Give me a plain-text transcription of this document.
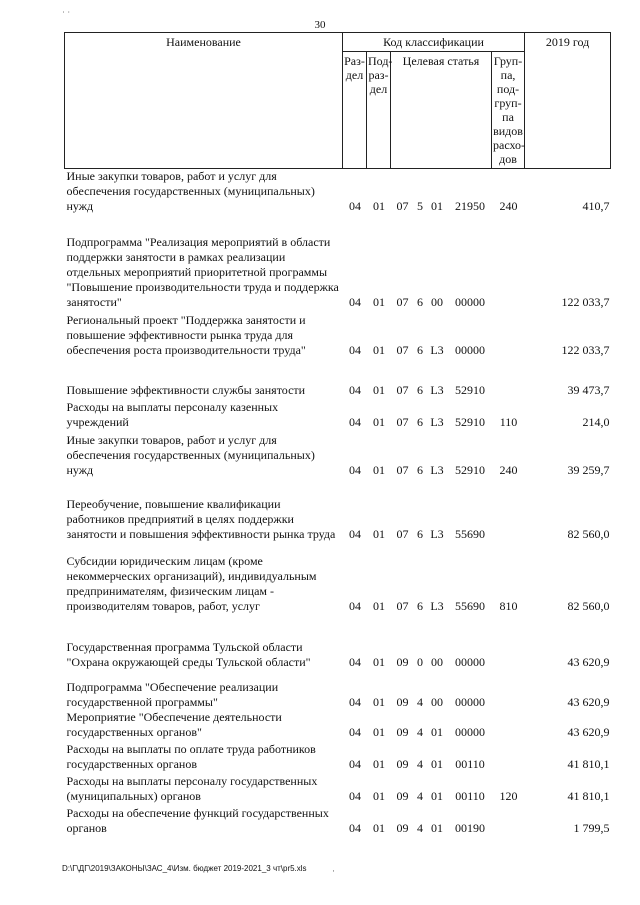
30
Наименование	Код классификации							2019 год
	Раз-дел	Под-раз-дел	Целевая статья				Груп-па, под-груп-па видов расхо-дов	
Иные закупки товаров, работ и услуг для обеспечения государственных (муниципальных) нужд	04	01	07	5	01	21950	240	410,7
Подпрограмма "Реализация мероприятий в области поддержки занятости в рамках реализации отдельных мероприятий приоритетной программы "Повышение производительности труда и поддержка занятости"	04	01	07	6	00	00000		122 033,7
Региональный проект "Поддержка занятости и повышение эффективности рынка труда для обеспечения роста производительности труда"	04	01	07	6	L3	00000		122 033,7
Повышение эффективности службы занятости	04	01	07	6	L3	52910		39 473,7
Расходы на выплаты персоналу казенных учреждений	04	01	07	6	L3	52910	110	214,0
Иные закупки товаров, работ и услуг для обеспечения государственных (муниципальных) нужд	04	01	07	6	L3	52910	240	39 259,7
Переобучение, повышение квалификации работников предприятий в целях поддержки занятости и повышения эффективности рынка труда	04	01	07	6	L3	55690		82 560,0
Субсидии юридическим лицам (кроме некоммерческих организаций), индивидуальным предпринимателям, физическим лицам - производителям товаров, работ, услуг	04	01	07	6	L3	55690	810	82 560,0
Государственная программа Тульской области "Охрана окружающей среды Тульской области"	04	01	09	0	00	00000		43 620,9
Подпрограмма "Обеспечение реализации государственной программы"	04	01	09	4	00	00000		43 620,9
Мероприятие "Обеспечение деятельности государственных органов"	04	01	09	4	01	00000		43 620,9
Расходы на выплаты по оплате труда работников государственных органов	04	01	09	4	01	00110		41 810,1
Расходы на выплаты персоналу государственных (муниципальных) органов	04	01	09	4	01	00110	120	41 810,1
Расходы на обеспечение функций государственных органов	04	01	09	4	01	00190		1 799,5
D:\Г\ДГ\2019\ЗАКОНЫ\ЗАС_4\Изм. бюджет 2019-2021_3 чт\pr5.xls
˙ ˙
·
